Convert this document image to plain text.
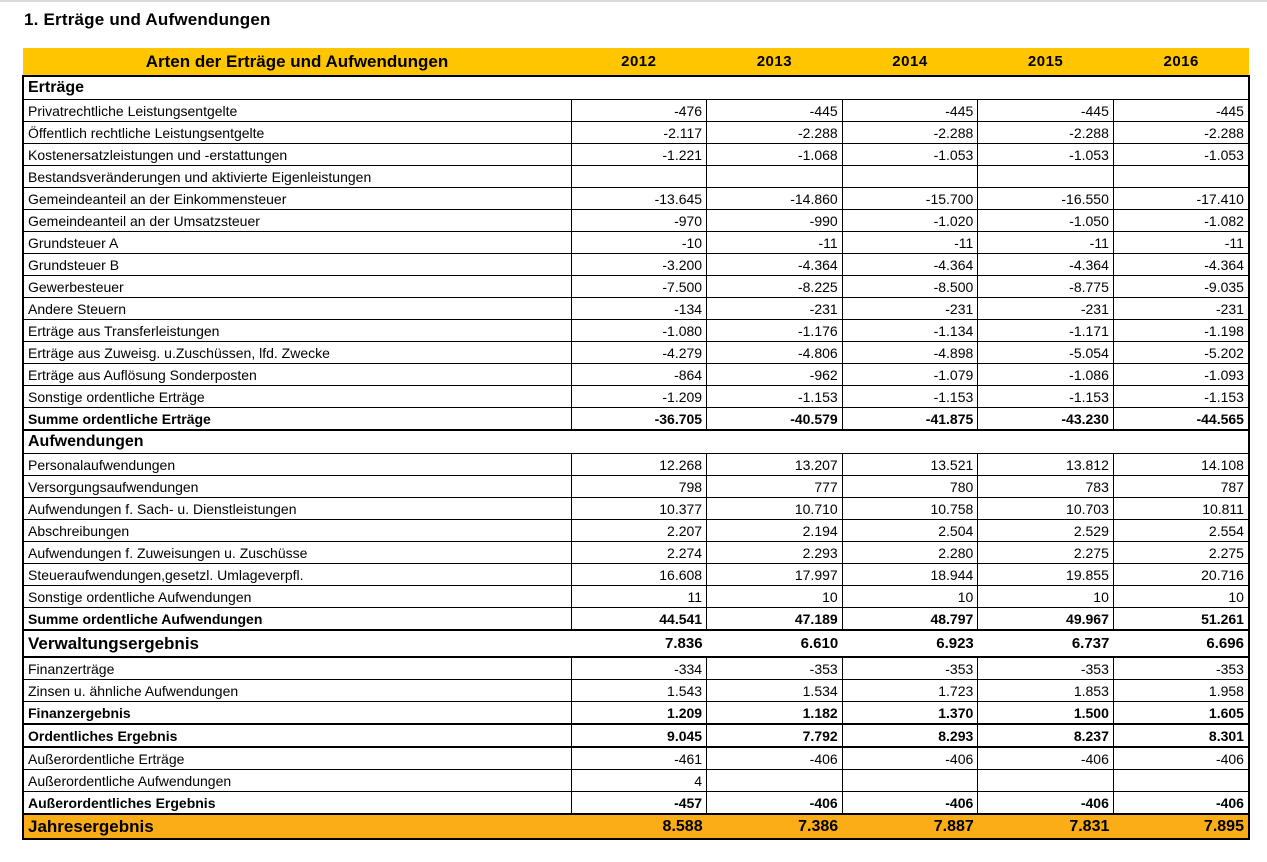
1. Erträge und Aufwendungen
Arten der Erträge und Aufwendungen	2012	2013	2014	2015	2016
Erträge					
Privatrechtliche Leistungsentgelte	-476	-445	-445	-445	-445
Öffentlich rechtliche Leistungsentgelte	-2.117	-2.288	-2.288	-2.288	-2.288
Kostenersatzleistungen und -erstattungen	-1.221	-1.068	-1.053	-1.053	-1.053
Bestandsveränderungen und aktivierte Eigenleistungen					
Gemeindeanteil an der Einkommensteuer	-13.645	-14.860	-15.700	-16.550	-17.410
Gemeindeanteil an der Umsatzsteuer	-970	-990	-1.020	-1.050	-1.082
Grundsteuer A	-10	-11	-11	-11	-11
Grundsteuer B	-3.200	-4.364	-4.364	-4.364	-4.364
Gewerbesteuer	-7.500	-8.225	-8.500	-8.775	-9.035
Andere Steuern	-134	-231	-231	-231	-231
Erträge aus Transferleistungen	-1.080	-1.176	-1.134	-1.171	-1.198
Erträge aus Zuweisg. u.Zuschüssen, lfd. Zwecke	-4.279	-4.806	-4.898	-5.054	-5.202
Erträge aus Auflösung Sonderposten	-864	-962	-1.079	-1.086	-1.093
Sonstige ordentliche Erträge	-1.209	-1.153	-1.153	-1.153	-1.153
Summe ordentliche Erträge	-36.705	-40.579	-41.875	-43.230	-44.565
Aufwendungen					
Personalaufwendungen	12.268	13.207	13.521	13.812	14.108
Versorgungsaufwendungen	798	777	780	783	787
Aufwendungen f. Sach- u. Dienstleistungen	10.377	10.710	10.758	10.703	10.811
Abschreibungen	2.207	2.194	2.504	2.529	2.554
Aufwendungen f. Zuweisungen u. Zuschüsse	2.274	2.293	2.280	2.275	2.275
Steueraufwendungen,gesetzl. Umlageverpfl.	16.608	17.997	18.944	19.855	20.716
Sonstige ordentliche Aufwendungen	11	10	10	10	10
Summe ordentliche Aufwendungen	44.541	47.189	48.797	49.967	51.261
Verwaltungsergebnis	7.836	6.610	6.923	6.737	6.696
Finanzerträge	-334	-353	-353	-353	-353
Zinsen u. ähnliche Aufwendungen	1.543	1.534	1.723	1.853	1.958
Finanzergebnis	1.209	1.182	1.370	1.500	1.605
Ordentliches Ergebnis	9.045	7.792	8.293	8.237	8.301
Außerordentliche Erträge	-461	-406	-406	-406	-406
Außerordentliche Aufwendungen	4				
Außerordentliches Ergebnis	-457	-406	-406	-406	-406
Jahresergebnis	8.588	7.386	7.887	7.831	7.895
